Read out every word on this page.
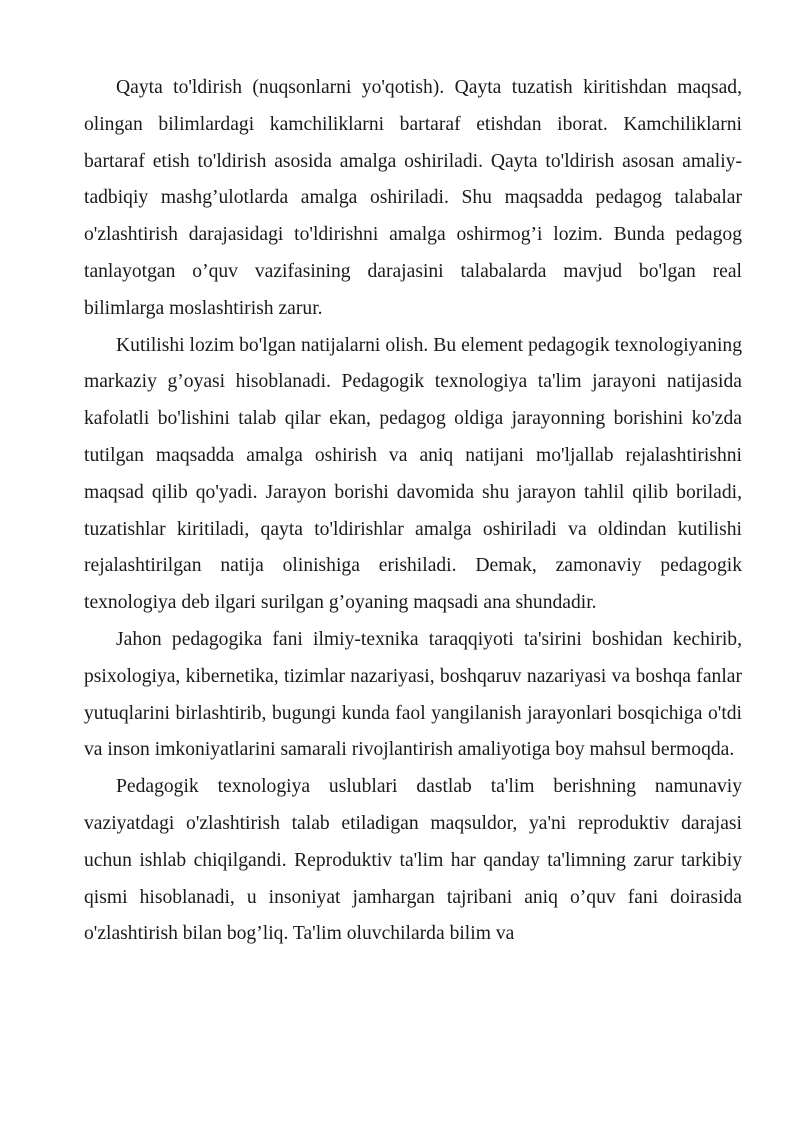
Qayta to'ldirish (nuqsonlarni yo'qotish). Qayta tuzatish kiritishdan maqsad, olingan bilimlardagi kamchiliklarni bartaraf etishdan iborat. Kamchiliklarni bartaraf etish to'ldirish asosida amalga oshiriladi. Qayta to'ldirish asosan amaliy-tadbiqiy mashg’ulotlarda amalga oshiriladi. Shu maqsadda pedagog talabalar o'zlashtirish darajasidagi to'ldirishni amalga oshirmog’i lozim. Bunda pedagog tanlayotgan o’quv vazifasining darajasini talabalarda mavjud bo'lgan real bilimlarga moslashtirish zarur.

Kutilishi lozim bo'lgan natijalarni olish. Bu element pedagogik texnologiyaning markaziy g’oyasi hisoblanadi. Pedagogik texnologiya ta'lim jarayoni natijasida kafolatli bo'lishini talab qilar ekan, pedagog oldiga jarayonning borishini ko'zda tutilgan maqsadda amalga oshirish va aniq natijani mo'ljallab rejalashtirishni maqsad qilib qo'yadi. Jarayon borishi davomida shu jarayon tahlil qilib boriladi, tuzatishlar kiritiladi, qayta to'ldirishlar amalga oshiriladi va oldindan kutilishi rejalashtirilgan natija olinishiga erishiladi. Demak, zamonaviy pedagogik texnologiya deb ilgari surilgan g’oyaning maqsadi ana shundadir.

Jahon pedagogika fani ilmiy-texnika taraqqiyoti ta'sirini boshidan kechirib, psixologiya, kibernetika, tizimlar nazariyasi, boshqaruv nazariyasi va boshqa fanlar yutuqlarini birlashtirib, bugungi kunda faol yangilanish jarayonlari bosqichiga o'tdi va inson imkoniyatlarini samarali rivojlantirish amaliyotiga boy mahsul bermoqda.

Pedagogik texnologiya uslublari dastlab ta'lim berishning namunaviy vaziyatdagi o'zlashtirish talab etiladigan maqsuldor, ya'ni reproduktiv darajasi uchun ishlab chiqilgandi. Reproduktiv ta'lim har qanday ta'limning zarur tarkibiy qismi hisoblanadi, u insoniyat jamhargan tajribani aniq o’quv fani doirasida o'zlashtirish bilan bog’liq. Ta'lim oluvchilarda bilim va
